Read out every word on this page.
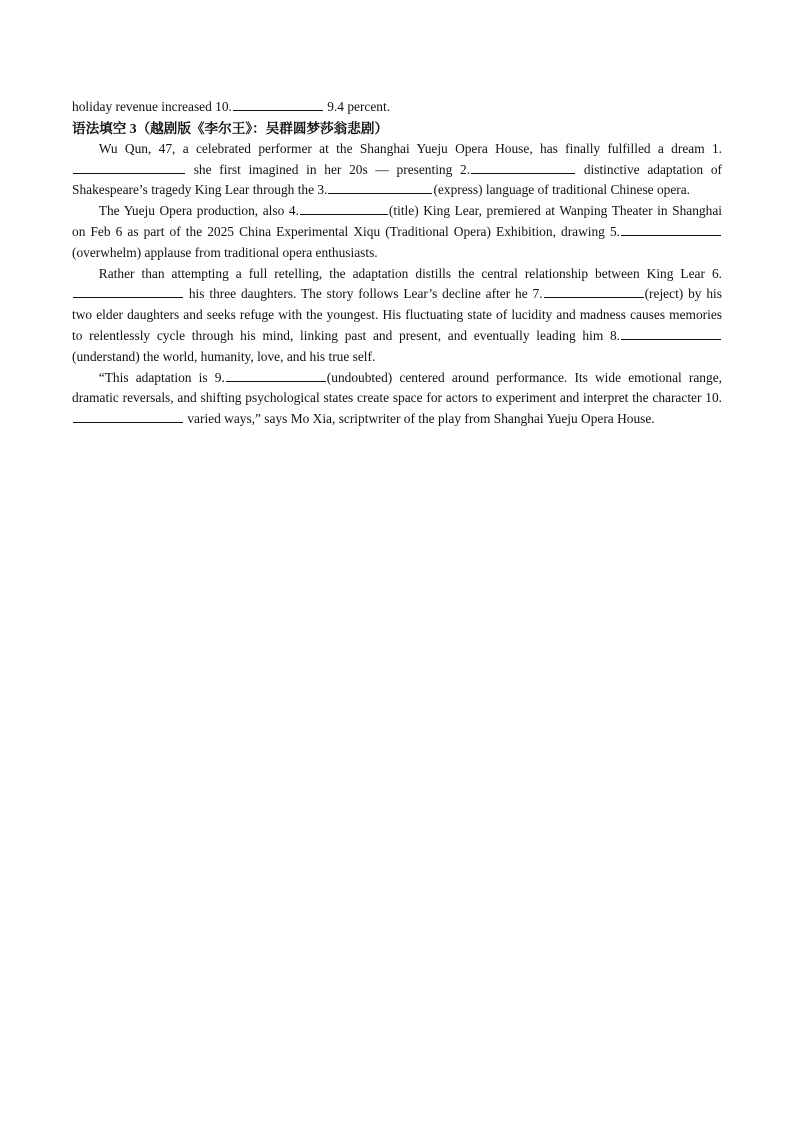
holiday revenue increased 10.	9.4 percent.

语法填空 3（越剧版《李尔王》：吴群圆梦莎翁悲剧）

Wu Qun, 47, a celebrated performer at the Shanghai Yueju Opera House, has finally fulfilled a dream 1. she first imagined in her 20s — presenting 2.	distinctive adaptation of Shakespeare’s tragedy King Lear through the 3.	(express) language of traditional Chinese opera.

The Yueju Opera production, also 4.	(title) King Lear, premiered at Wanping Theater in Shanghai on Feb 6 as part of the 2025 China Experimental Xiqu (Traditional Opera) Exhibition, drawing 5.(overwhelm) applause from traditional opera enthusiasts.

Rather than attempting a full retelling, the adaptation distills the central relationship between King Lear 6. his three daughters. The story follows Lear’s decline after he 7.	(reject) by his two elder daughters and seeks refuge with the youngest. His fluctuating state of lucidity and madness causes memories to relentlessly cycle through his mind, linking past and present, and eventually leading him 8.(understand) the world, humanity, love, and his true self.

“This adaptation is 9.	(undoubted) centered around performance. Its wide emotional range, dramatic reversals, and shifting psychological states create space for actors to experiment and interpret the character 10. varied ways,” says Mo Xia, scriptwriter of the play from Shanghai Yueju Opera House.
